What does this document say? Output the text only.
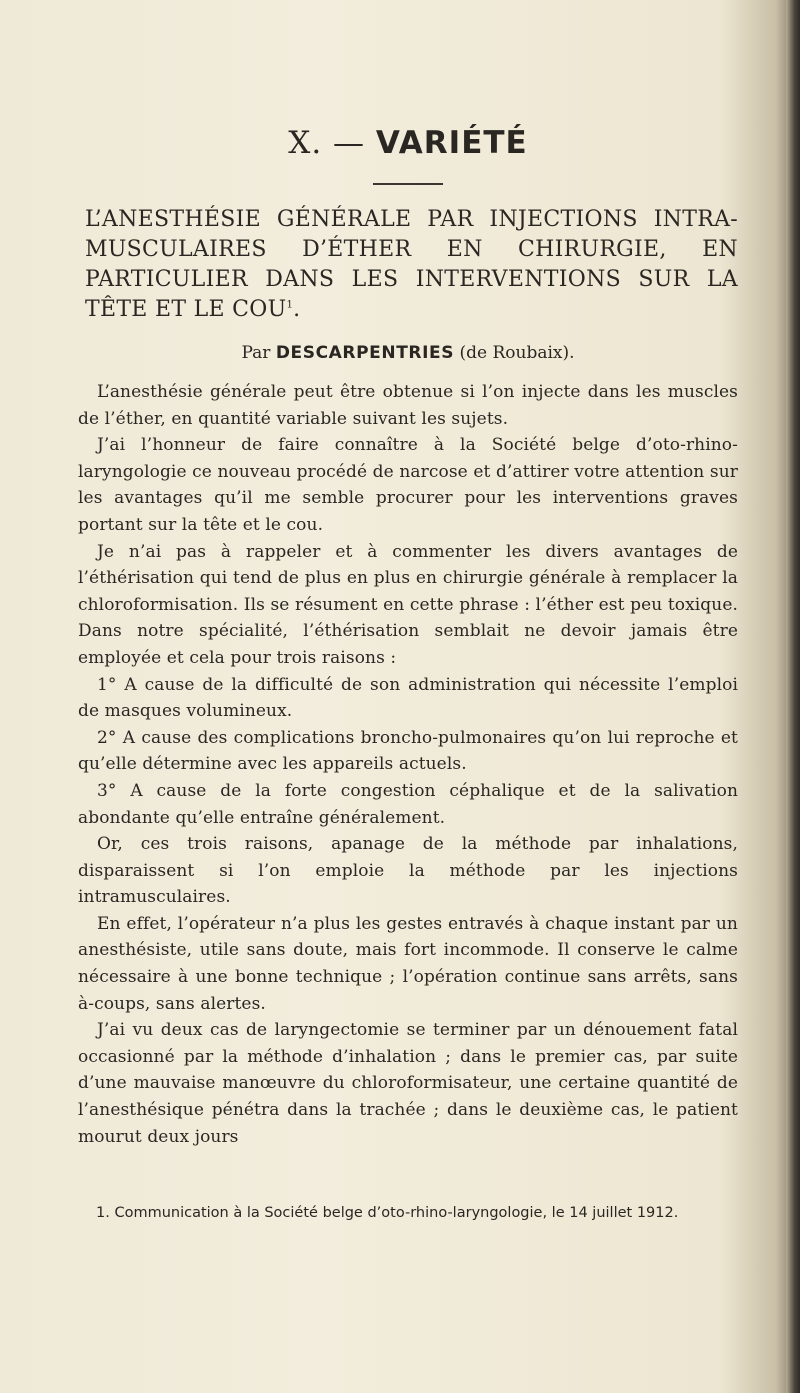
X. — VARIÉTÉ
L’ANESTHÉSIE GÉNÉRALE PAR INJECTIONS INTRA-MUSCULAIRES D’ÉTHER EN CHIRURGIE, EN PARTICULIER DANS LES INTERVENTIONS SUR LA TÊTE ET LE COU$^1$.

Par DESCARPENTRIES (de Roubaix).

L’anesthésie générale peut être obtenue si l’on injecte dans les muscles de l’éther, en quantité variable suivant les sujets.

J’ai l’honneur de faire connaître à la Société belge d’oto-rhino-laryngologie ce nouveau procédé de narcose et d’attirer votre attention sur les avantages qu’il me semble procurer pour les interventions graves portant sur la tête et le cou.

Je n’ai pas à rappeler et à commenter les divers avantages de l’éthérisation qui tend de plus en plus en chirurgie générale à remplacer la chloroformisation. Ils se résument en cette phrase : l’éther est peu toxique. Dans notre spécialité, l’éthérisation semblait ne devoir jamais être employée et cela pour trois raisons :

1° A cause de la difficulté de son administration qui nécessite l’emploi de masques volumineux.

2° A cause des complications broncho-pulmonaires qu’on lui reproche et qu’elle détermine avec les appareils actuels.

3° A cause de la forte congestion céphalique et de la salivation abondante qu’elle entraîne généralement.

Or, ces trois raisons, apanage de la méthode par inhalations, disparaissent si l’on emploie la méthode par les injections intramusculaires.

En effet, l’opérateur n’a plus les gestes entravés à chaque instant par un anesthésiste, utile sans doute, mais fort incommode. Il conserve le calme nécessaire à une bonne technique ; l’opération continue sans arrêts, sans à-coups, sans alertes.

J’ai vu deux cas de laryngectomie se terminer par un dénouement fatal occasionné par la méthode d’inhalation ; dans le premier cas, par suite d’une mauvaise manœuvre du chloroformisateur, une certaine quantité de l’anesthésique pénétra dans la trachée ; dans le deuxième cas, le patient mourut deux jours

1. Communication à la Société belge d’oto-rhino-laryngologie, le 14 juillet 1912.
